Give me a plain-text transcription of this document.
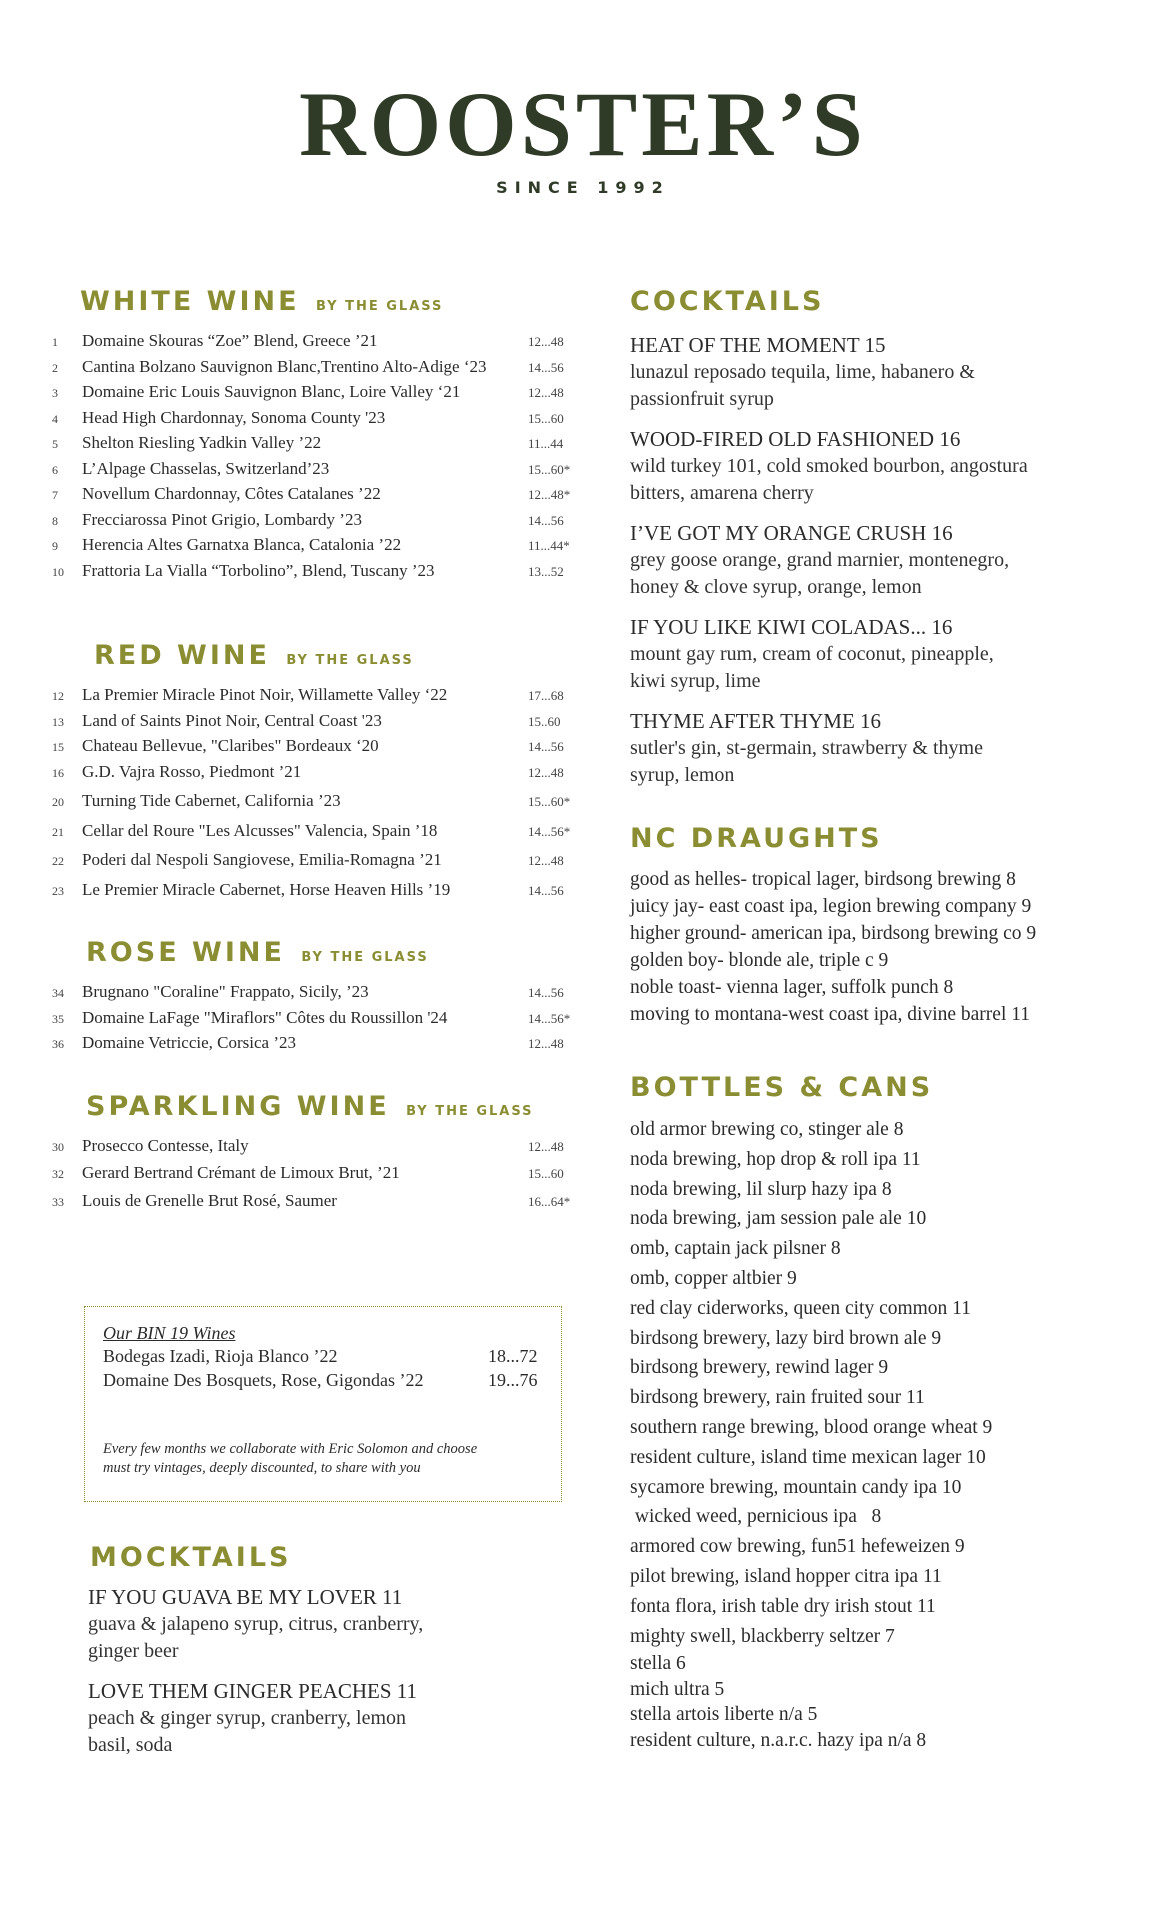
ROOSTER’S
SINCE 1992
WHITE WINE BY THE GLASS
1	Domaine Skouras “Zoe” Blend, Greece ’21	12...48
2	Cantina Bolzano Sauvignon Blanc,Trentino Alto-Adige ‘23	14...56
3	Domaine Eric Louis Sauvignon Blanc, Loire Valley ‘21	12...48
4	Head High Chardonnay, Sonoma County '23	15...60
5	Shelton Riesling Yadkin Valley ’22	11...44
6	L’Alpage Chasselas, Switzerland’23	15...60*
7	Novellum Chardonnay, Côtes Catalanes ’22	12...48*
8	Frecciarossa Pinot Grigio, Lombardy ’23	14...56
9	Herencia Altes Garnatxa Blanca, Catalonia ’22	11...44*
10	Frattoria La Vialla “Torbolino”, Blend, Tuscany ’23	13...52
RED WINE BY THE GLASS
12	La Premier Miracle Pinot Noir, Willamette Valley ‘22	17...68
13	Land of Saints Pinot Noir, Central Coast '23	15..60
15	Chateau Bellevue, "Claribes" Bordeaux ‘20	14...56
16	G.D. Vajra Rosso, Piedmont ’21	12...48
20	Turning Tide Cabernet, California ’23	15...60*
21	Cellar del Roure "Les Alcusses" Valencia, Spain ’18	14...56*
22	Poderi dal Nespoli Sangiovese, Emilia-Romagna ’21	12...48
23	Le Premier Miracle Cabernet, Horse Heaven Hills ’19	14...56
ROSE WINE BY THE GLASS
34	Brugnano "Coraline" Frappato, Sicily, ’23	14...56
35	Domaine LaFage "Miraflors" Côtes du Roussillon '24	14...56*
36	Domaine Vetriccie, Corsica ’23	12...48
SPARKLING WINE BY THE GLASS
30	Prosecco Contesse, Italy	12...48
32	Gerard Bertrand Crémant de Limoux Brut, ’21	15...60
33	Louis de Grenelle Brut Rosé, Saumer	16...64*
Our BIN 19 Wines
Bodegas Izadi, Rioja Blanco ’22	18...72
Domaine Des Bosquets, Rose, Gigondas ’22	19...76
Every few months we collaborate with Eric Solomon and choose
must try vintages, deeply discounted, to share with you
MOCKTAILS
IF YOU GUAVA BE MY LOVER 11
guava & jalapeno syrup, citrus, cranberry,
ginger beer
LOVE THEM GINGER PEACHES 11
peach & ginger syrup, cranberry, lemon
basil, soda
COCKTAILS
HEAT OF THE MOMENT 15
lunazul reposado tequila, lime, habanero &
passionfruit syrup
WOOD-FIRED OLD FASHIONED 16
wild turkey 101, cold smoked bourbon, angostura
bitters, amarena cherry
I’VE GOT MY ORANGE CRUSH 16
grey goose orange, grand marnier, montenegro,
honey & clove syrup, orange, lemon
IF YOU LIKE KIWI COLADAS... 16
mount gay rum, cream of coconut, pineapple,
kiwi syrup, lime
THYME AFTER THYME 16
sutler's gin, st-germain, strawberry & thyme
syrup, lemon
NC DRAUGHTS
good as helles- tropical lager, birdsong brewing 8
juicy jay- east coast ipa, legion brewing company 9
higher ground- american ipa, birdsong brewing co 9
golden boy- blonde ale, triple c 9
noble toast- vienna lager, suffolk punch 8
moving to montana-west coast ipa, divine barrel 11
BOTTLES & CANS
old armor brewing co, stinger ale 8
noda brewing, hop drop & roll ipa 11
noda brewing, lil slurp hazy ipa 8
noda brewing, jam session pale ale 10
omb, captain jack pilsner 8
omb, copper altbier 9
red clay ciderworks, queen city common 11
birdsong brewery, lazy bird brown ale 9
birdsong brewery, rewind lager 9
birdsong brewery, rain fruited sour 11
southern range brewing, blood orange wheat 9
resident culture, island time mexican lager 10
sycamore brewing, mountain candy ipa 10
wicked weed, pernicious ipa   8
armored cow brewing, fun51 hefeweizen 9
pilot brewing, island hopper citra ipa 11
fonta flora, irish table dry irish stout 11
mighty swell, blackberry seltzer 7
stella 6
mich ultra 5
stella artois liberte n/a 5
resident culture, n.a.r.c. hazy ipa n/a 8
